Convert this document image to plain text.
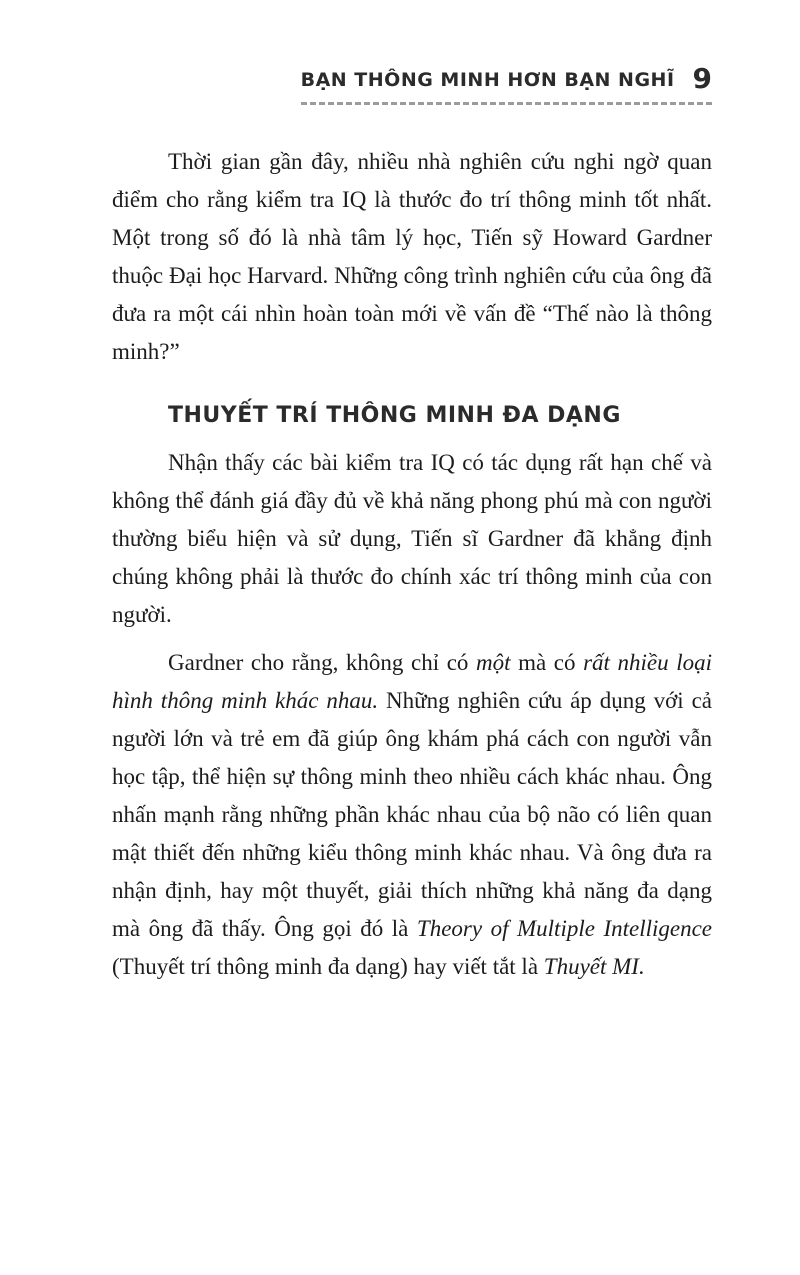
BẠN THÔNG MINH HƠN BẠN NGHĨ 9

Thời gian gần đây, nhiều nhà nghiên cứu nghi ngờ quan điểm cho rằng kiểm tra IQ là thước đo trí thông minh tốt nhất. Một trong số đó là nhà tâm lý học, Tiến sỹ Howard Gardner thuộc Đại học Harvard. Những công trình nghiên cứu của ông đã đưa ra một cái nhìn hoàn toàn mới về vấn đề “Thế nào là thông minh?”

THUYẾT TRÍ THÔNG MINH ĐA DẠNG

Nhận thấy các bài kiểm tra IQ có tác dụng rất hạn chế và không thể đánh giá đầy đủ về khả năng phong phú mà con người thường biểu hiện và sử dụng, Tiến sĩ Gardner đã khẳng định chúng không phải là thước đo chính xác trí thông minh của con người.

Gardner cho rằng, không chỉ có một mà có rất nhiều loại hình thông minh khác nhau. Những nghiên cứu áp dụng với cả người lớn và trẻ em đã giúp ông khám phá cách con người vẫn học tập, thể hiện sự thông minh theo nhiều cách khác nhau. Ông nhấn mạnh rằng những phần khác nhau của bộ não có liên quan mật thiết đến những kiểu thông minh khác nhau. Và ông đưa ra nhận định, hay một thuyết, giải thích những khả năng đa dạng mà ông đã thấy. Ông gọi đó là Theory of Multiple Intelligence (Thuyết trí thông minh đa dạng) hay viết tắt là Thuyết MI.
